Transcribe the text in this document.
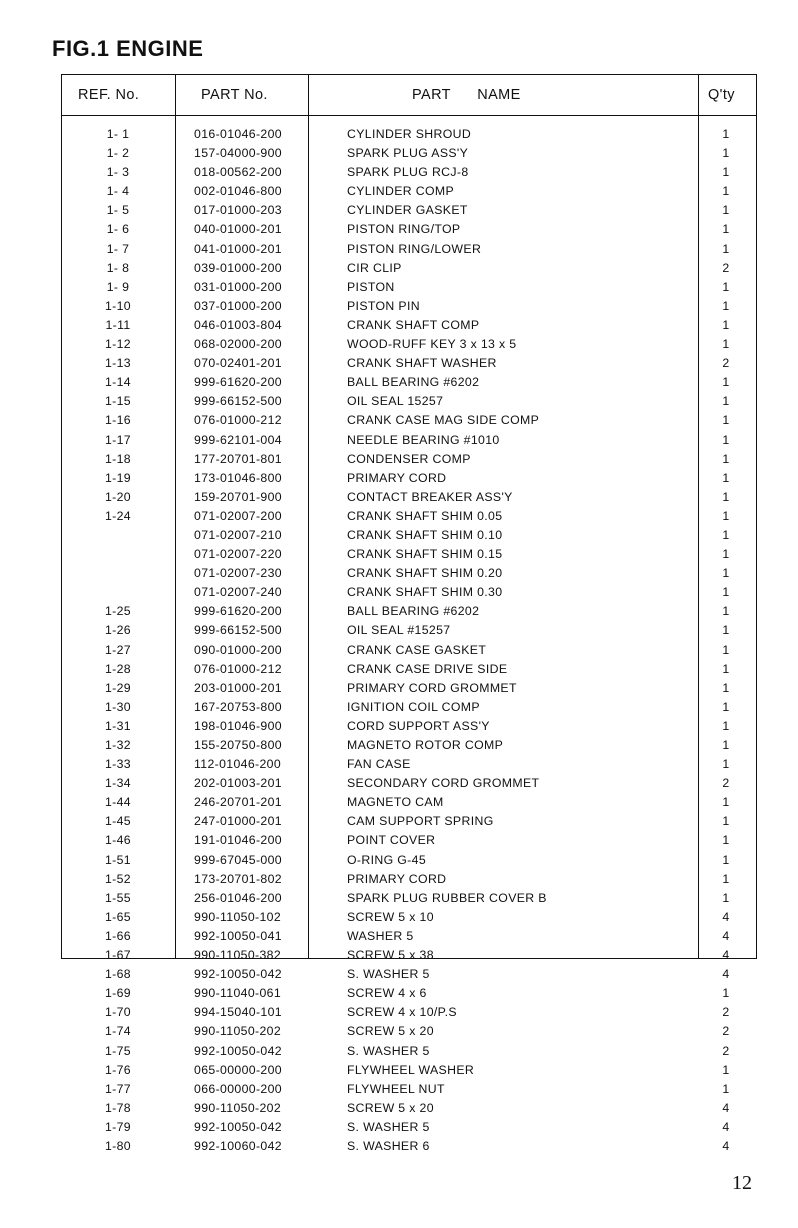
FIG.1 ENGINE
REF. No.	PART No.	PART      NAME	Q'ty
1- 1	016-01046-200	CYLINDER SHROUD	1
1- 2	157-04000-900	SPARK PLUG ASS'Y	1
1- 3	018-00562-200	SPARK PLUG RCJ-8	1
1- 4	002-01046-800	CYLINDER COMP	1
1- 5	017-01000-203	CYLINDER GASKET	1
1- 6	040-01000-201	PISTON RING/TOP	1
1- 7	041-01000-201	PISTON RING/LOWER	1
1- 8	039-01000-200	CIR CLIP	2
1- 9	031-01000-200	PISTON	1
1-10	037-01000-200	PISTON PIN	1
1-11	046-01003-804	CRANK SHAFT COMP	1
1-12	068-02000-200	WOOD-RUFF KEY 3 x 13 x 5	1
1-13	070-02401-201	CRANK SHAFT WASHER	2
1-14	999-61620-200	BALL BEARING #6202	1
1-15	999-66152-500	OIL SEAL 15257	1
1-16	076-01000-212	CRANK CASE MAG SIDE COMP	1
1-17	999-62101-004	NEEDLE BEARING #1010	1
1-18	177-20701-801	CONDENSER COMP	1
1-19	173-01046-800	PRIMARY CORD	1
1-20	159-20701-900	CONTACT BREAKER ASS'Y	1
1-24	071-02007-200	CRANK SHAFT SHIM 0.05	1
071-02007-210	CRANK SHAFT SHIM 0.10	1
071-02007-220	CRANK SHAFT SHIM 0.15	1
071-02007-230	CRANK SHAFT SHIM 0.20	1
071-02007-240	CRANK SHAFT SHIM 0.30	1
1-25	999-61620-200	BALL BEARING #6202	1
1-26	999-66152-500	OIL SEAL #15257	1
1-27	090-01000-200	CRANK CASE GASKET	1
1-28	076-01000-212	CRANK CASE DRIVE SIDE	1
1-29	203-01000-201	PRIMARY CORD GROMMET	1
1-30	167-20753-800	IGNITION COIL COMP	1
1-31	198-01046-900	CORD SUPPORT ASS'Y	1
1-32	155-20750-800	MAGNETO ROTOR COMP	1
1-33	112-01046-200	FAN CASE	1
1-34	202-01003-201	SECONDARY CORD GROMMET	2
1-44	246-20701-201	MAGNETO CAM	1
1-45	247-01000-201	CAM SUPPORT SPRING	1
1-46	191-01046-200	POINT COVER	1
1-51	999-67045-000	O-RING G-45	1
1-52	173-20701-802	PRIMARY CORD	1
1-55	256-01046-200	SPARK PLUG RUBBER COVER B	1
1-65	990-11050-102	SCREW 5 x 10	4
1-66	992-10050-041	WASHER 5	4
1-67	990-11050-382	SCREW 5 x 38	4
1-68	992-10050-042	S. WASHER 5	4
1-69	990-11040-061	SCREW 4 x 6	1
1-70	994-15040-101	SCREW 4 x 10/P.S	2
1-74	990-11050-202	SCREW 5 x 20	2
1-75	992-10050-042	S. WASHER 5	2
1-76	065-00000-200	FLYWHEEL WASHER	1
1-77	066-00000-200	FLYWHEEL NUT	1
1-78	990-11050-202	SCREW 5 x 20	4
1-79	992-10050-042	S. WASHER 5	4
1-80	992-10060-042	S. WASHER 6	4
12
